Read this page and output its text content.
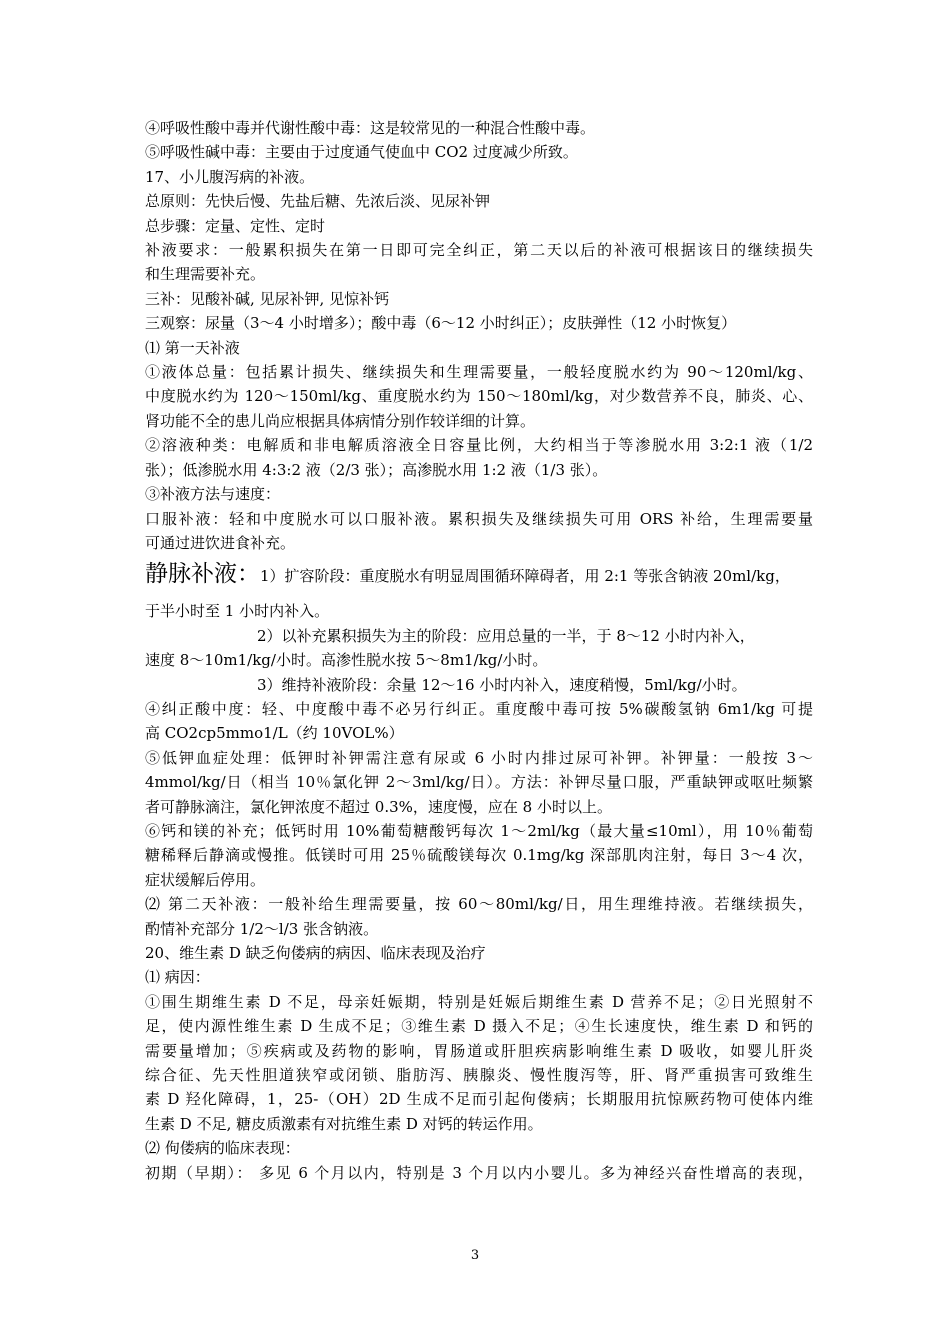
④呼吸性酸中毒并代谢性酸中毒：这是较常见的一种混合性酸中毒。
⑤呼吸性碱中毒：主要由于过度通气使血中 CO2 过度减少所致。
17、小儿腹泻病的补液。
总原则：先快后慢、先盐后糖、先浓后淡、见尿补钾
总步骤：定量、定性、定时
补液要求：一般累积损失在第一日即可完全纠正，第二天以后的补液可根据该日的继续损失
和生理需要补充。
三补：见酸补碱, 见尿补钾, 见惊补钙
三观察：尿量（3～4 小时增多）；酸中毒（6～12 小时纠正）；皮肤弹性（12 小时恢复）
⑴ 第一天补液
①液体总量：包括累计损失、继续损失和生理需要量，一般轻度脱水约为 90～120ml/kg、
中度脱水约为 120～150ml/kg、重度脱水约为 150～180ml/kg，对少数营养不良，肺炎、心、
肾功能不全的患儿尚应根据具体病情分别作较详细的计算。
②溶液种类：电解质和非电解质溶液全日容量比例，大约相当于等渗脱水用 3:2:1 液（1/2
张）；低渗脱水用 4:3:2 液（2/3 张）；高渗脱水用 1:2 液（1/3 张）。
③补液方法与速度：
口服补液：轻和中度脱水可以口服补液。累积损失及继续损失可用 ORS 补给，生理需要量
可通过进饮进食补充。
静脉补液：1）扩容阶段：重度脱水有明显周围循环障碍者，用 2:1 等张含钠液 20ml/kg，
于半小时至 1 小时内补入。
2）以补充累积损失为主的阶段：应用总量的一半，于 8～12 小时内补入，
速度 8～10m1/kg/小时。高渗性脱水按 5～8m1/kg/小时。
3）维持补液阶段：余量 12～16 小时内补入，速度稍慢，5ml/kg/小时。
④纠正酸中度：轻、中度酸中毒不必另行纠正。重度酸中毒可按 5%碳酸氢钠 6m1/kg 可提
高 CO2cp5mmo1/L（约 10VOL%）
⑤低钾血症处理：低钾时补钾需注意有尿或 6 小时内排过尿可补钾。补钾量：一般按 3～
4mmol/kg/日（相当 10％氯化钾 2～3ml/kg/日）。方法：补钾尽量口服，严重缺钾或呕吐频繁
者可静脉滴注，氯化钾浓度不超过 0.3%，速度慢，应在 8 小时以上。
⑥钙和镁的补充；低钙时用 10%葡萄糖酸钙每次 1～2ml/kg（最大量≤10ml），用 10％葡萄
糖稀释后静滴或慢推。低镁时可用 25％硫酸镁每次 0.1mg/kg 深部肌肉注射，每日 3～4 次，
症状缓解后停用。
⑵ 第二天补液：一般补给生理需要量，按 60～80ml/kg/日，用生理维持液。若继续损失，
酌情补充部分 1/2～l/3 张含钠液。
20、维生素 D 缺乏佝偻病的病因、临床表现及治疗
⑴ 病因：
①围生期维生素 D 不足，母亲妊娠期，特别是妊娠后期维生素 D 营养不足；②日光照射不
足，使内源性维生素 D 生成不足；③维生素 D 摄入不足；④生长速度快，维生素 D 和钙的
需要量增加；⑤疾病或及药物的影响，胃肠道或肝胆疾病影响维生素 D 吸收，如婴儿肝炎
综合征、先天性胆道狭窄或闭锁、脂肪泻、胰腺炎、慢性腹泻等，肝、肾严重损害可致维生
素 D 羟化障碍，1，25-（OH）2D 生成不足而引起佝偻病；长期服用抗惊厥药物可使体内维
生素 D 不足, 糖皮质激素有对抗维生素 D 对钙的转运作用。
⑵ 佝偻病的临床表现：
初期（早期）： 多见 6 个月以内，特别是 3 个月以内小婴儿。多为神经兴奋性增高的表现，
3
